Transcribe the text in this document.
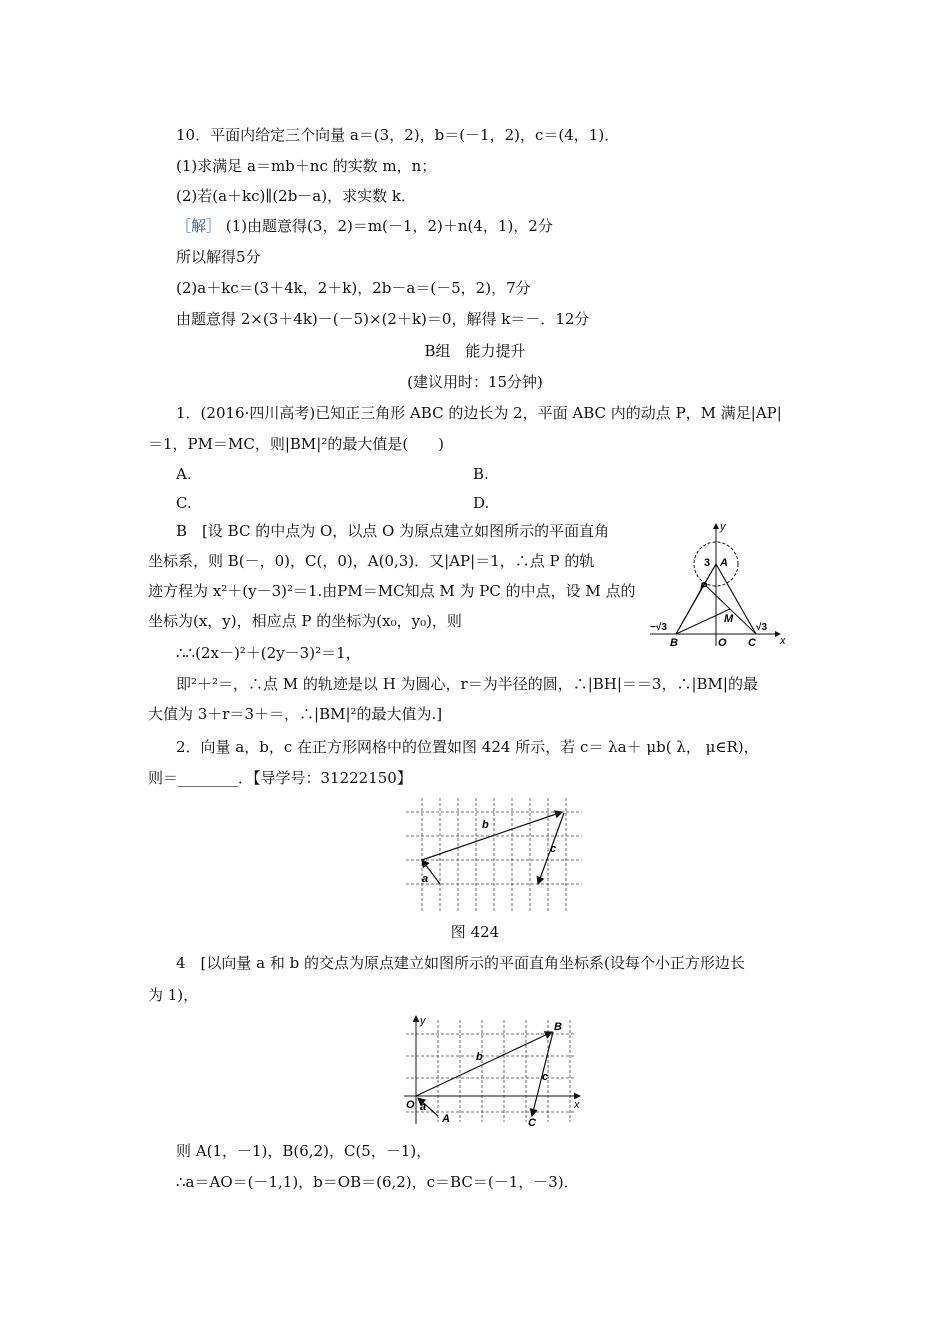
10．平面内给定三个向量 a＝(3，2)，b＝(－1，2)，c＝(4，1)．
(1)求满足 a＝mb＋nc 的实数 m，n；
(2)若(a＋kc)∥(2b－a)，求实数 k．
［解］ (1)由题意得(3，2)＝m(－1，2)＋n(4，1)，2分
所以解得5分
(2)a＋kc＝(3＋4k，2＋k)，2b－a＝(－5，2)，7分
由题意得 2×(3＋4k)－(－5)×(2＋k)＝0，解得 k＝－．12分
B组　能力提升
(建议用时：15分钟)
1．(2016·四川高考)已知正三角形 ABC 的边长为 2，平面 ABC 内的动点 P，M 满足|AP|
＝1，PM＝MC，则|BM|²的最大值是(　　)
A.	B.
C.	D.
B　[设 BC 的中点为 O，以点 O 为原点建立如图所示的平面直角
坐标系，则 B(－，0)，C(，0)，A(0,3)．又|AP|＝1，∴点 P 的轨
迹方程为 x²＋(y－3)²＝1.由PM＝MC知点 M 为 PC 的中点，设 M 点的
坐标为(x，y)，相应点 P 的坐标为(x₀，y₀)，则
∴∴(2x－)²＋(2y－3)²＝1，
即²＋²＝，∴点 M 的轨迹是以 H 为圆心，r＝为半径的圆，∴|BH|＝＝3，∴|BM|的最
大值为 3＋r＝3＋＝，∴|BM|²的最大值为.]
y
x
A
3
P
M
B	O C
−√3	√3
2．向量 a，b，c 在正方形网格中的位置如图 424 所示，若 c＝ λa＋ μb( λ， μ∈R)，
则＝________．【导学号：31222150】
a
b
c
图 424
4　[以向量 a 和 b 的交点为原点建立如图所示的平面直角坐标系(设每个小正方形边长
为 1)，
a
b
c
y
x
O
A
B
C
则 A(1，－1)，B(6,2)，C(5，－1)，
∴a＝AO＝(－1,1)，b＝OB＝(6,2)，c＝BC＝(－1，－3)．
